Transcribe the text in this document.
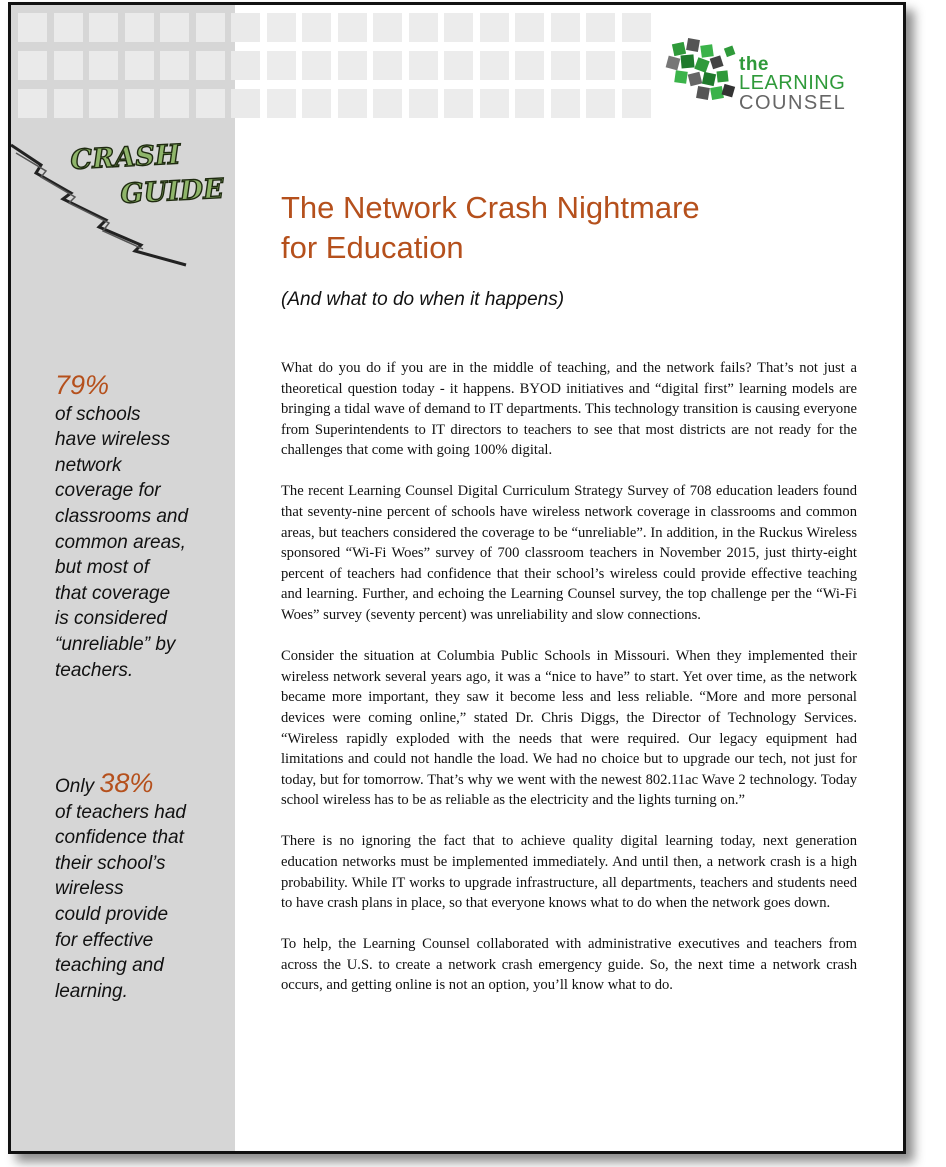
the
LEARNING
COUNSEL
CRASH
GUIDE The Network Crash Nightmare
for Education
(And what to do when it happens)
79%
of schools
have wireless
network
coverage for
classrooms and
common areas,
but most of
that coverage
is considered
“unreliable” by
teachers.
Only 38%
of teachers had
confidence that
their school’s
wireless
could provide
for effective
teaching and
learning.

What do you do if you are in the middle of teaching, and the network fails? That’s not just a theoretical question today - it happens. BYOD initiatives and “digital first” learning models are bringing a tidal wave of demand to IT departments. This technology transition is causing everyone from Superintendents to IT directors to teachers to see that most districts are not ready for the challenges that come with going 100% digital.

The recent Learning Counsel Digital Curriculum Strategy Survey of 708 education leaders found that seventy-nine percent of schools have wireless network coverage in classrooms and common areas, but teachers considered the coverage to be “unreliable”. In addition, in the Ruckus Wireless sponsored “Wi-Fi Woes” survey of 700 classroom teachers in November 2015, just thirty-eight percent of teachers had confidence that their school’s wireless could provide effective teaching and learning. Further, and echoing the Learning Counsel survey, the top challenge per the “Wi-Fi Woes” survey (seventy percent) was unreliability and slow connections.

Consider the situation at Columbia Public Schools in Missouri. When they implemented their wireless network several years ago, it was a “nice to have” to start. Yet over time, as the network became more important, they saw it become less and less reliable. “More and more personal devices were coming online,” stated Dr. Chris Diggs, the Director of Technology Services. “Wireless rapidly exploded with the needs that were required. Our legacy equipment had limitations and could not handle the load. We had no choice but to upgrade our tech, not just for today, but for tomorrow. That’s why we went with the newest 802.11ac Wave 2 technology. Today school wireless has to be as reliable as the electricity and the lights turning on.”

There is no ignoring the fact that to achieve quality digital learning today, next generation education networks must be implemented immediately. And until then, a network crash is a high probability. While IT works to upgrade infrastructure, all departments, teachers and students need to have crash plans in place, so that everyone knows what to do when the network goes down.

To help, the Learning Counsel collaborated with administrative executives and teachers from across the U.S. to create a network crash emergency guide. So, the next time a network crash occurs, and getting online is not an option, you’ll know what to do.
